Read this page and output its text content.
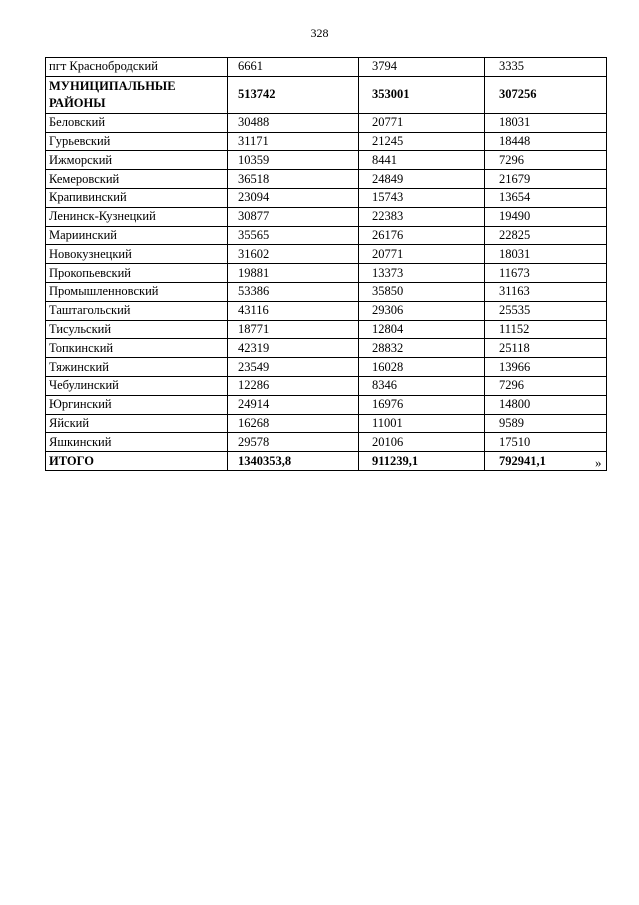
328
пгт Краснобродский	6661	3794	3335
МУНИЦИПАЛЬНЫЕ РАЙОНЫ	513742	353001	307256
Беловский	30488	20771	18031
Гурьевский	31171	21245	18448
Ижморский	10359	8441	7296
Кемеровский	36518	24849	21679
Крапивинский	23094	15743	13654
Ленинск-Кузнецкий	30877	22383	19490
Мариинский	35565	26176	22825
Новокузнецкий	31602	20771	18031
Прокопьевский	19881	13373	11673
Промышленновский	53386	35850	31163
Таштагольский	43116	29306	25535
Тисульский	18771	12804	11152
Топкинский	42319	28832	25118
Тяжинский	23549	16028	13966
Чебулинский	12286	8346	7296
Юргинский	24914	16976	14800
Яйский	16268	11001	9589
Яшкинский	29578	20106	17510
ИТОГО	1340353,8	911239,1	792941,1	»
